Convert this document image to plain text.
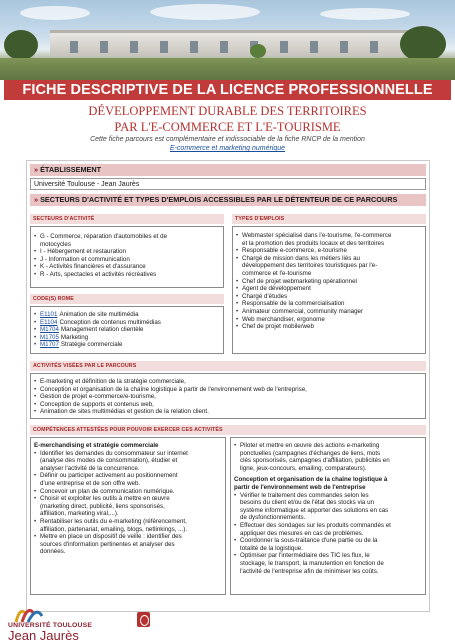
FICHE DESCRIPTIVE DE LA LICENCE PROFESSIONNELLE
DÉVELOPPEMENT DURABLE DES TERRITOIRES
PAR L'E-COMMERCE ET L'E-TOURISME
Cette fiche parcours est complémentaire et indissociable de la fiche RNCP de la mention
E-commerce et marketing numérique
» ÉTABLISSEMENT
Université Toulouse - Jean Jaurès
» SECTEURS D'ACTIVITÉ ET TYPES D'EMPLOIS ACCESSIBLES PAR LE DÉTENTEUR DE CE PARCOURS
SECTEURS D'ACTIVITÉ
• G - Commerce, réparation d'automobiles et de
motocycles
• I - Hébergement et restauration
• J - Information et communication
• K - Activités financières et d'assurance
• R - Arts, spectacles et activités récréatives
CODE(S) ROME
• E1101 Animation de site multimédia
• E1104 Conception de contenus multimédias
• M1704 Management relation clientèle
• M1705 Marketing
• M1707 Stratégie commerciale
TYPES D'EMPLOIS
• Webmaster spécialisé dans l'e-tourisme, l'e-commerce
et la promotion des produits locaux et des territoires
• Responsable e-commerce, e-tourisme
• Chargé de mission dans les métiers liés au
développement des territoires touristiques par l'e-
commerce et l'e-tourisme
• Chef de projet webmarketing opérationnel
• Agent de développement
• Chargé d'études
• Responsable de la commercialisation
• Animateur commercial, community manager
• Web merchandiser, ergonome
• Chef de projet mobile/web
ACTIVITÉS VISÉES PAR LE PARCOURS
• E-marketing et définition de la stratégie commerciale,
• Conception et organisation de la chaîne logistique à partir de l'environnement web de l'entreprise,
• Gestion de projet e-commerce/e-tourisme,
• Conception de supports et contenus web,
• Animation de sites multimédias et gestion de la relation client.
COMPÉTENCES ATTESTÉES POUR POUVOIR EXERCER CES ACTIVITÉS
E-merchandising et stratégie commerciale
• Identifier les demandes du consommateur sur internet
(analyse des modes de consommation), étudier et
analyser l'activité de la concurrence.
• Définir ou participer activement au positionnement
d'une entreprise et de son offre web.
• Concevoir un plan de communication numérique.
• Choisir et exploiter les outils à mettre en œuvre
(marketing direct, publicité, liens sponsorisés,
affiliation, marketing viral,...).
• Rentabiliser les outils du e-marketing (référencement,
affiliation, partenariat, emailing, blogs, netlinkings, ...).
• Mettre en place un dispositif de veille : identifier des
sources d'information pertinentes et analyser des
données.
• Piloter et mettre en œuvre des actions e-marketing
ponctuelles (campagnes d'échanges de liens, mots
clés sponsorisés, campagnes d'affiliation, publicités en
ligne, jeux-concours, emailing, comparateurs).
Conception et organisation de la chaîne logistique à
partir de l'environnement web de l'entreprise
• Vérifier le traitement des commandes selon les
besoins du client et/ou de l'état des stocks via un
système informatique et apporter des solutions en cas
de dysfonctionnements.
• Effectuer des sondages sur les produits commandés et
appliquer des mesures en cas de problèmes.
• Coordonner la sous-traitance d'une partie ou de la
totalité de la logistique.
• Optimiser par l'intermédiaire des TIC les flux, le
stockage, le transport, la manutention en fonction de
l'activité de l'entreprise afin de minimiser les coûts.
UNIVERSITÉ TOULOUSE
Jean Jaurès
